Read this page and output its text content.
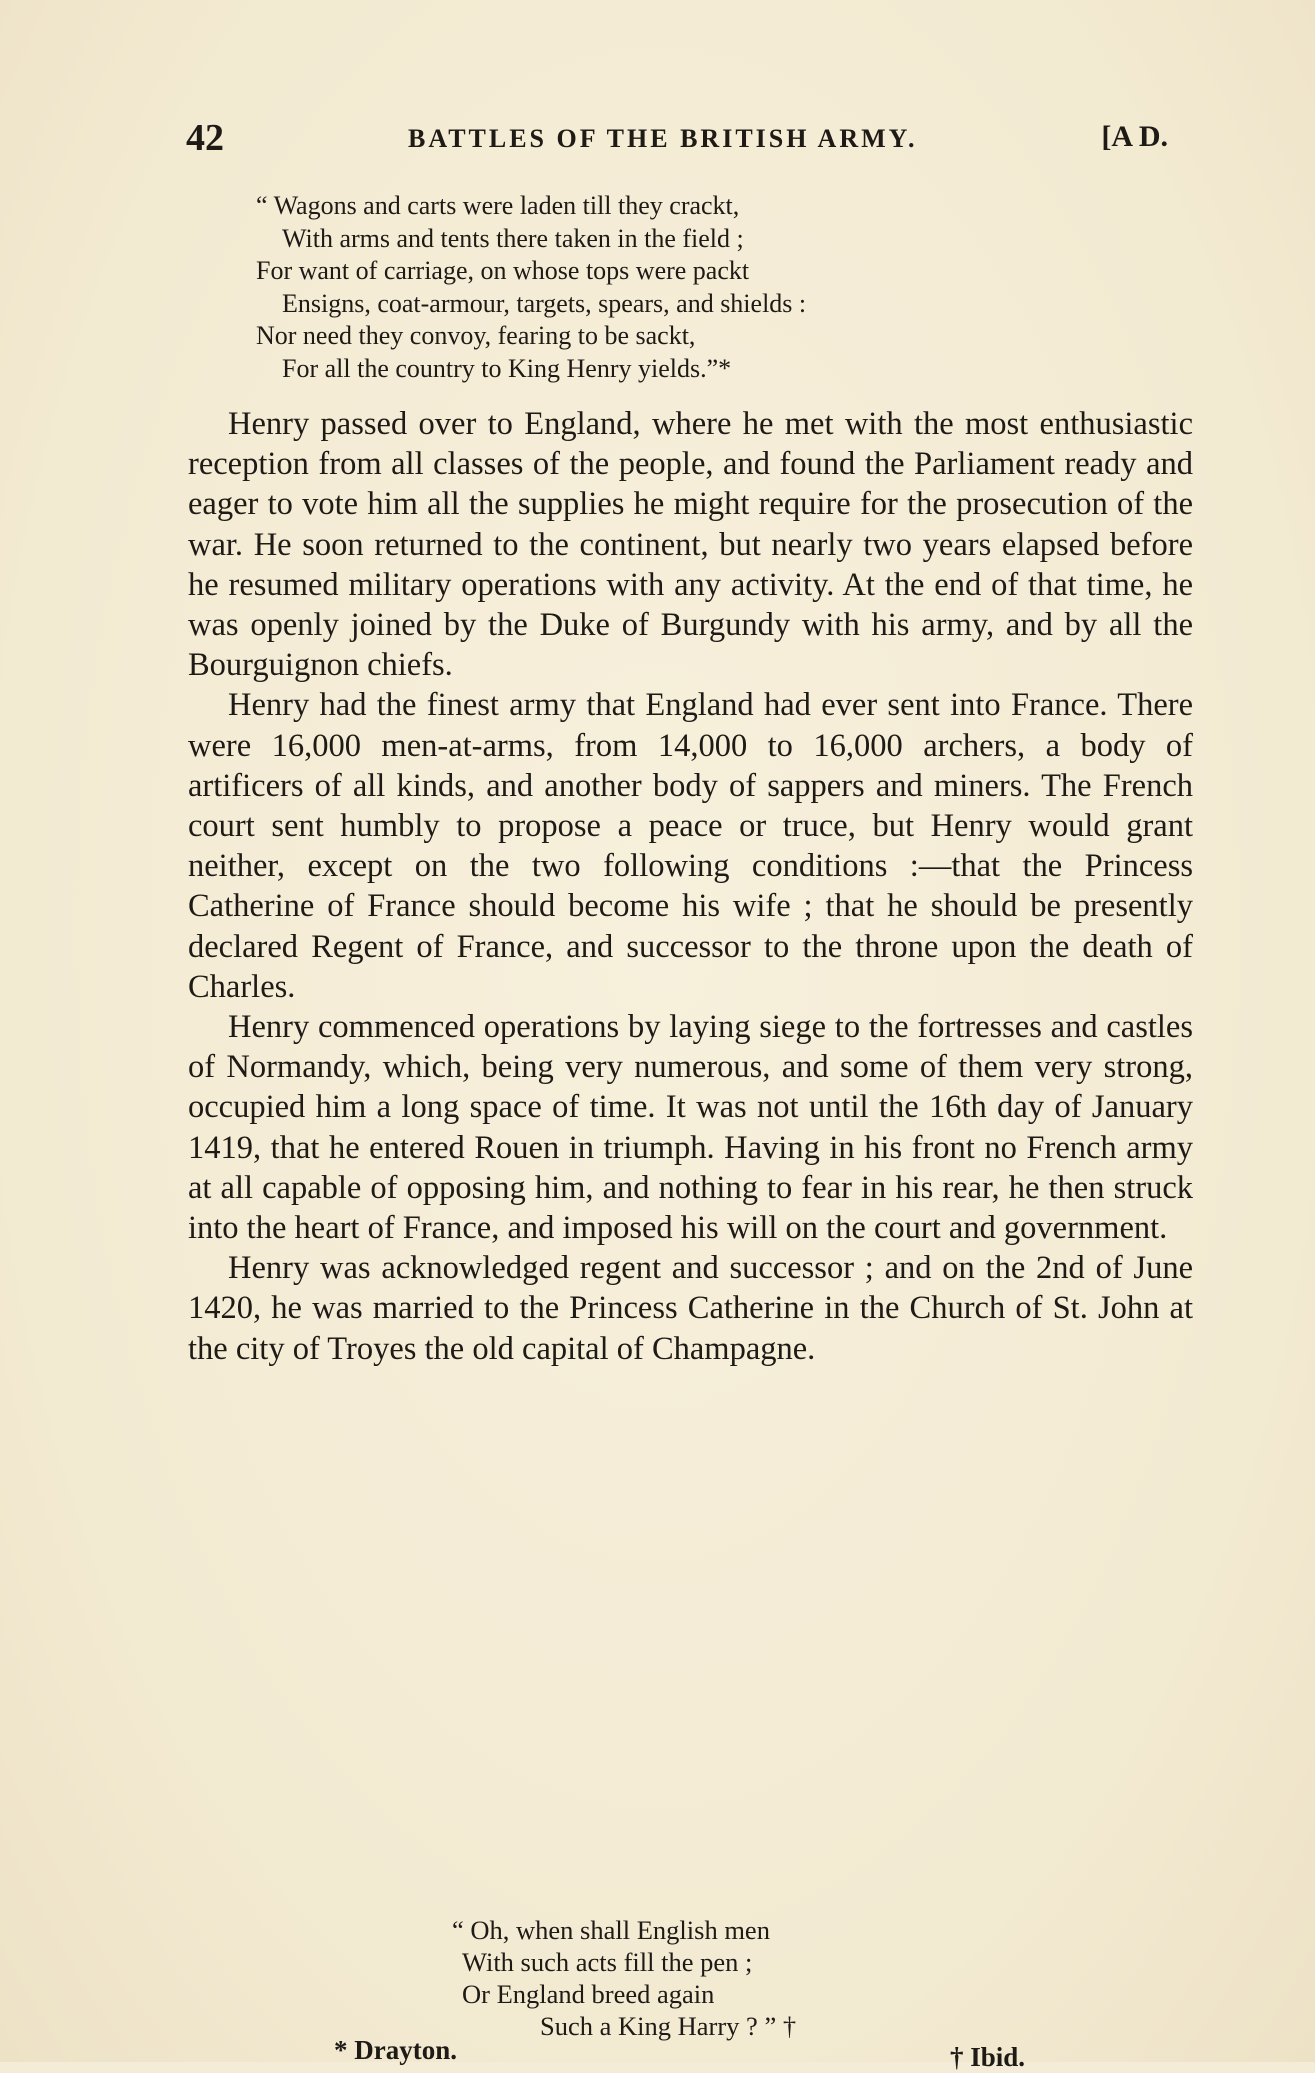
42	BATTLES OF THE BRITISH ARMY.	[A D.
“ Wagons and carts were laden till they crackt,
With arms and tents there taken in the field ;
For want of carriage, on whose tops were packt
Ensigns, coat-armour, targets, spears, and shields :
Nor need they convoy, fearing to be sackt,
For all the country to King Henry yields.”*

Henry passed over to England, where he met with the most enthusiastic reception from all classes of the people, and found the Parliament ready and eager to vote him all the supplies he might require for the prosecution of the war. He soon returned to the continent, but nearly two years elapsed before he resumed military operations with any activity. At the end of that time, he was openly joined by the Duke of Burgundy with his army, and by all the Bourguignon chiefs.

Henry had the finest army that England had ever sent into France. There were 16,000 men-at-arms, from 14,000 to 16,000 archers, a body of artificers of all kinds, and another body of sappers and miners. The French court sent humbly to propose a peace or truce, but Henry would grant neither, except on the two following conditions :—that the Princess Catherine of France should become his wife ; that he should be presently declared Regent of France, and successor to the throne upon the death of Charles.

Henry commenced operations by laying siege to the fortresses and castles of Normandy, which, being very numerous, and some of them very strong, occupied him a long space of time. It was not until the 16th day of January 1419, that he entered Rouen in triumph. Having in his front no French army at all capable of opposing him, and nothing to fear in his rear, he then struck into the heart of France, and imposed his will on the court and government.

Henry was acknowledged regent and successor ; and on the 2nd of June 1420, he was married to the Princess Catherine in the Church of St. John at the city of Troyes the old capital of Champagne.

“ Oh, when shall English men
With such acts fill the pen ;
Or England breed again
Such a King Harry ? ” †
* Drayton.	† Ibid.
